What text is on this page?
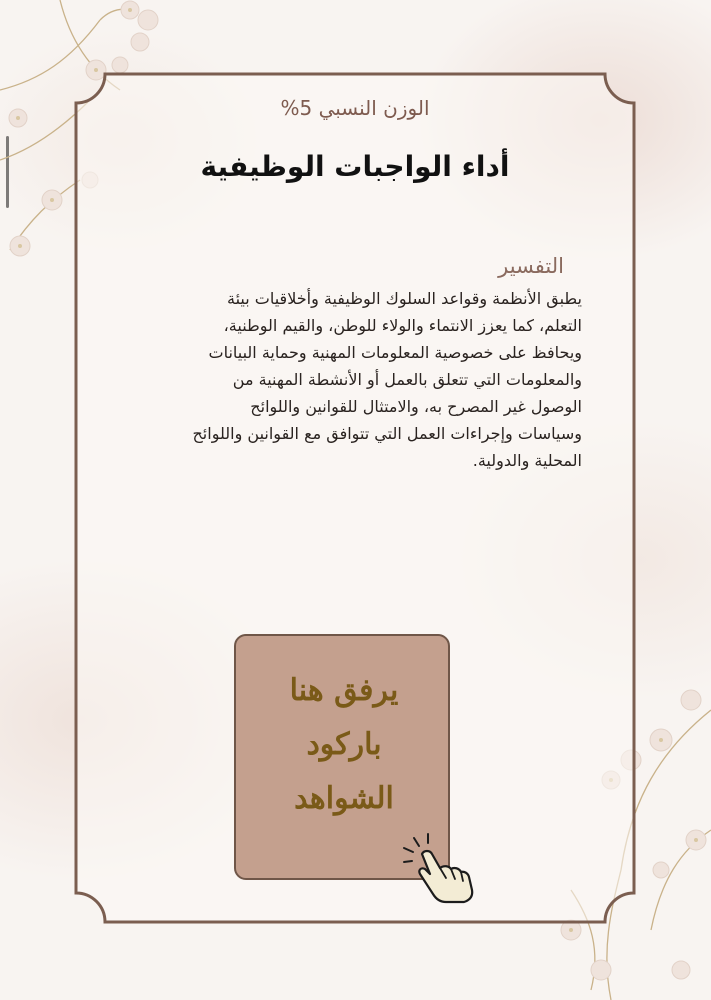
الوزن النسبي 5%
أداء الواجبات الوظيفية
التفسير
يطبق الأنظمة وقواعد السلوك الوظيفية وأخلاقيات بيئة
التعلم، كما يعزز الانتماء والولاء للوطن، والقيم الوطنية،
ويحافظ على خصوصية المعلومات المهنية وحماية البيانات
والمعلومات التي تتعلق بالعمل أو الأنشطة المهنية من
الوصول غير المصرح به، والامتثال للقوانين واللوائح
وسياسات وإجراءات العمل التي تتوافق مع القوانين واللوائح
المحلية والدولية.
يرفق هنا
باركود
الشواهد
